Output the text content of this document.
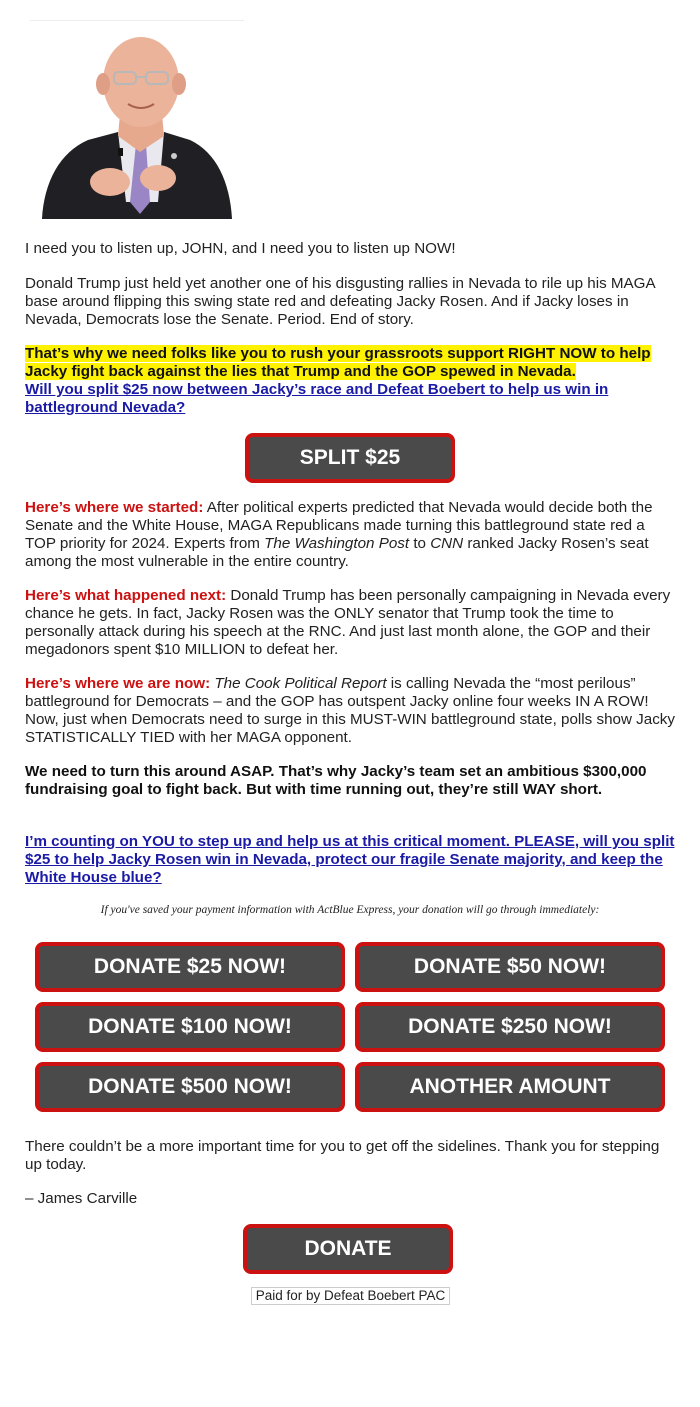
I need you to listen up, JOHN, and I need you to listen up NOW!
Donald Trump just held yet another one of his disgusting rallies in Nevada to rile up his MAGA base around flipping this swing state red and defeating Jacky Rosen. And if Jacky loses in Nevada, Democrats lose the Senate. Period. End of story.
That’s why we need folks like you to rush your grassroots support RIGHT NOW to help Jacky fight back against the lies that Trump and the GOP spewed in Nevada.
Will you split $25 now between Jacky’s race and Defeat Boebert to help us win in battleground Nevada?
SPLIT $25
Here’s where we started: After political experts predicted that Nevada would decide both the Senate and the White House, MAGA Republicans made turning this battleground state red a TOP priority for 2024. Experts from The Washington Post to CNN ranked Jacky Rosen’s seat among the most vulnerable in the entire country.
Here’s what happened next: Donald Trump has been personally campaigning in Nevada every chance he gets. In fact, Jacky Rosen was the ONLY senator that Trump took the time to personally attack during his speech at the RNC. And just last month alone, the GOP and their megadonors spent $10 MILLION to defeat her.
Here’s where we are now: The Cook Political Report is calling Nevada the “most perilous” battleground for Democrats – and the GOP has outspent Jacky online four weeks IN A ROW! Now, just when Democrats need to surge in this MUST-WIN battleground state, polls show Jacky STATISTICALLY TIED with her MAGA opponent.
We need to turn this around ASAP. That’s why Jacky’s team set an ambitious $300,000 fundraising goal to fight back. But with time running out, they’re still WAY short.
I’m counting on YOU to step up and help us at this critical moment. PLEASE, will you split $25 to help Jacky Rosen win in Nevada, protect our fragile Senate majority, and keep the White House blue?
If you've saved your payment information with ActBlue Express, your donation will go through immediately:
DONATE $25 NOW!	DONATE $50 NOW!
DONATE $100 NOW!	DONATE $250 NOW!
DONATE $500 NOW!	ANOTHER AMOUNT
There couldn’t be a more important time for you to get off the sidelines. Thank you for stepping up today.
– James Carville
DONATE
Paid for by Defeat Boebert PAC
